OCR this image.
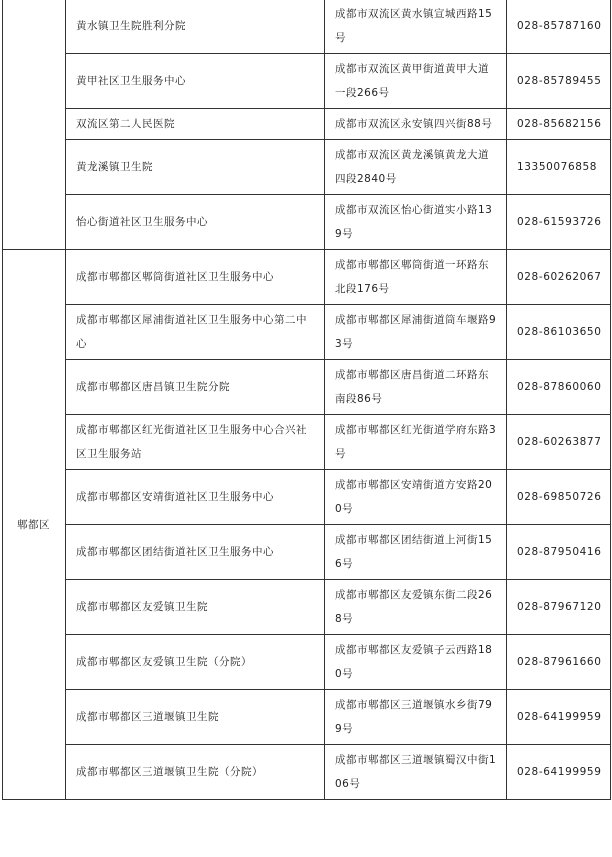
	黄水镇卫生院胜利分院	成都市双流区黄水镇宣城西路15号	028-85787160
	黄甲社区卫生服务中心	成都市双流区黄甲街道黄甲大道一段266号	028-85789455
	双流区第二人民医院	成都市双流区永安镇四兴街88号	028-85682156
	黄龙溪镇卫生院	成都市双流区黄龙溪镇黄龙大道四段2840号	13350076858
	怡心街道社区卫生服务中心	成都市双流区怡心街道实小路139号	028-61593726
郫都区	成都市郫都区郫筒街道社区卫生服务中心	成都市郫都区郫筒街道一环路东北段176号	028-60262067
	成都市郫都区犀浦街道社区卫生服务中心第二中心	成都市郫都区犀浦街道筒车堰路93号	028-86103650
	成都市郫都区唐昌镇卫生院分院	成都市郫都区唐昌街道二环路东南段86号	028-87860060
	成都市郫都区红光街道社区卫生服务中心合兴社区卫生服务站	成都市郫都区红光街道学府东路3号	028-60263877
	成都市郫都区安靖街道社区卫生服务中心	成都市郫都区安靖街道方安路200号	028-69850726
	成都市郫都区团结街道社区卫生服务中心	成都市郫都区团结街道上河街156号	028-87950416
	成都市郫都区友爱镇卫生院	成都市郫都区友爱镇东街二段268号	028-87967120
	成都市郫都区友爱镇卫生院（分院）	成都市郫都区友爱镇子云西路180号	028-87961660
	成都市郫都区三道堰镇卫生院	成都市郫都区三道堰镇水乡街799号	028-64199959
	成都市郫都区三道堰镇卫生院（分院）	成都市郫都区三道堰镇蜀汉中街106号	028-64199959
